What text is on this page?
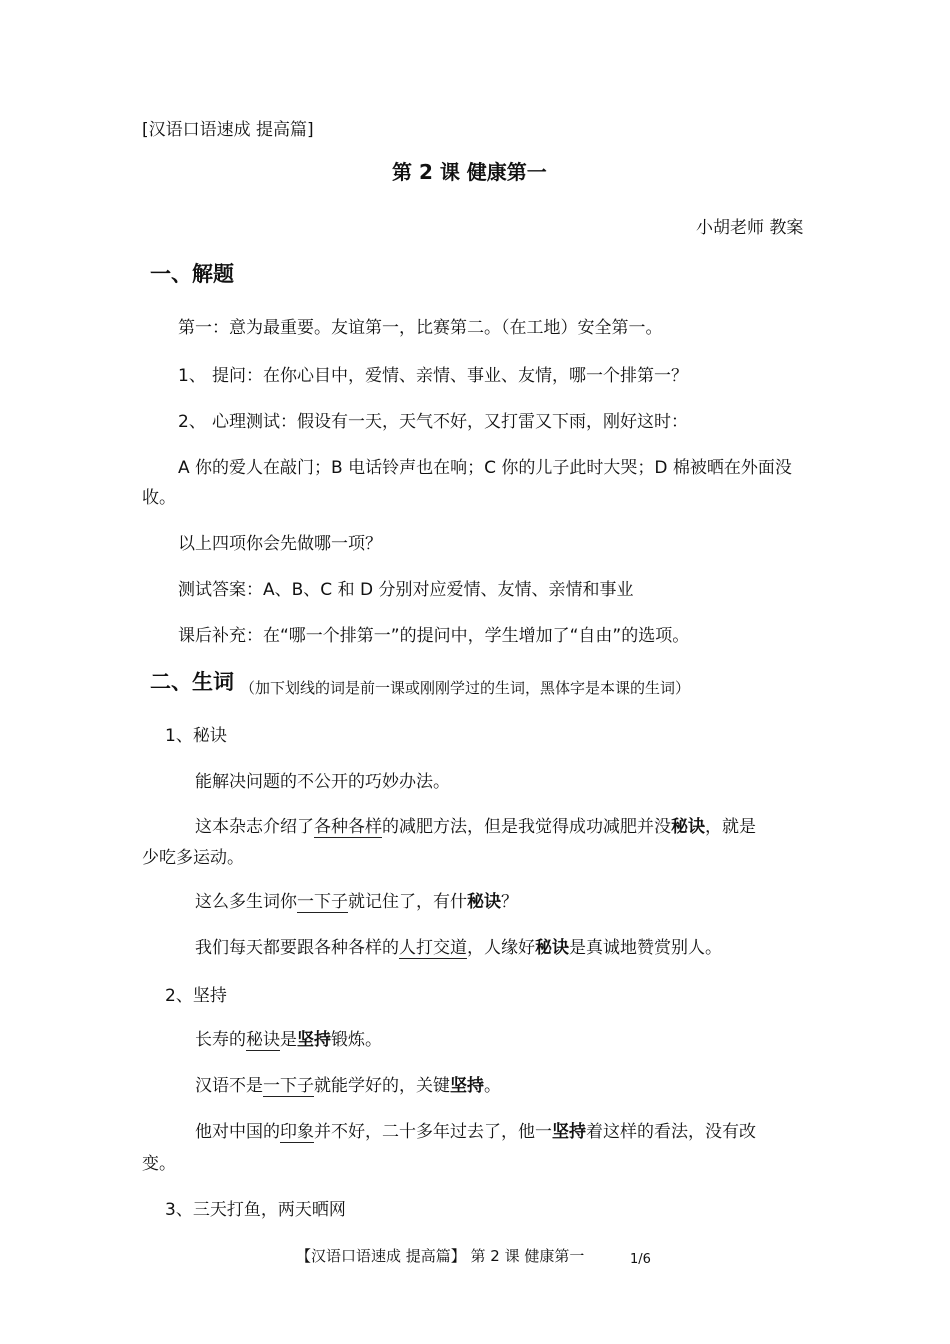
[汉语口语速成 提高篇]
第 2 课 健康第一
小胡老师 教案
一、解题
第一：意为最重要。友谊第一，比赛第二。（在工地）安全第一。
1、 提问：在你心目中，爱情、亲情、事业、友情，哪一个排第一？
2、 心理测试：假设有一天，天气不好，又打雷又下雨，刚好这时：
A 你的爱人在敲门；B 电话铃声也在响；C 你的儿子此时大哭；D 棉被晒在外面没
收。
以上四项你会先做哪一项？
测试答案：A、B、C 和 D 分别对应爱情、友情、亲情和事业
课后补充：在“哪一个排第一”的提问中，学生增加了“自由”的选项。
二、生词 （加下划线的词是前一课或刚刚学过的生词，黑体字是本课的生词）
1、秘诀
能解决问题的不公开的巧妙办法。
这本杂志介绍了各种各样的减肥方法，但是我觉得成功减肥并没秘诀，就是
少吃多运动。
这么多生词你一下子就记住了，有什秘诀？
我们每天都要跟各种各样的人打交道，人缘好秘诀是真诚地赞赏别人。
2、坚持
长寿的秘诀是坚持锻炼。
汉语不是一下子就能学好的，关键坚持。
他对中国的印象并不好，二十多年过去了，他一坚持着这样的看法，没有改
变。
3、三天打鱼，两天晒网
【汉语口语速成 提高篇】 第 2 课 健康第一	1/6
